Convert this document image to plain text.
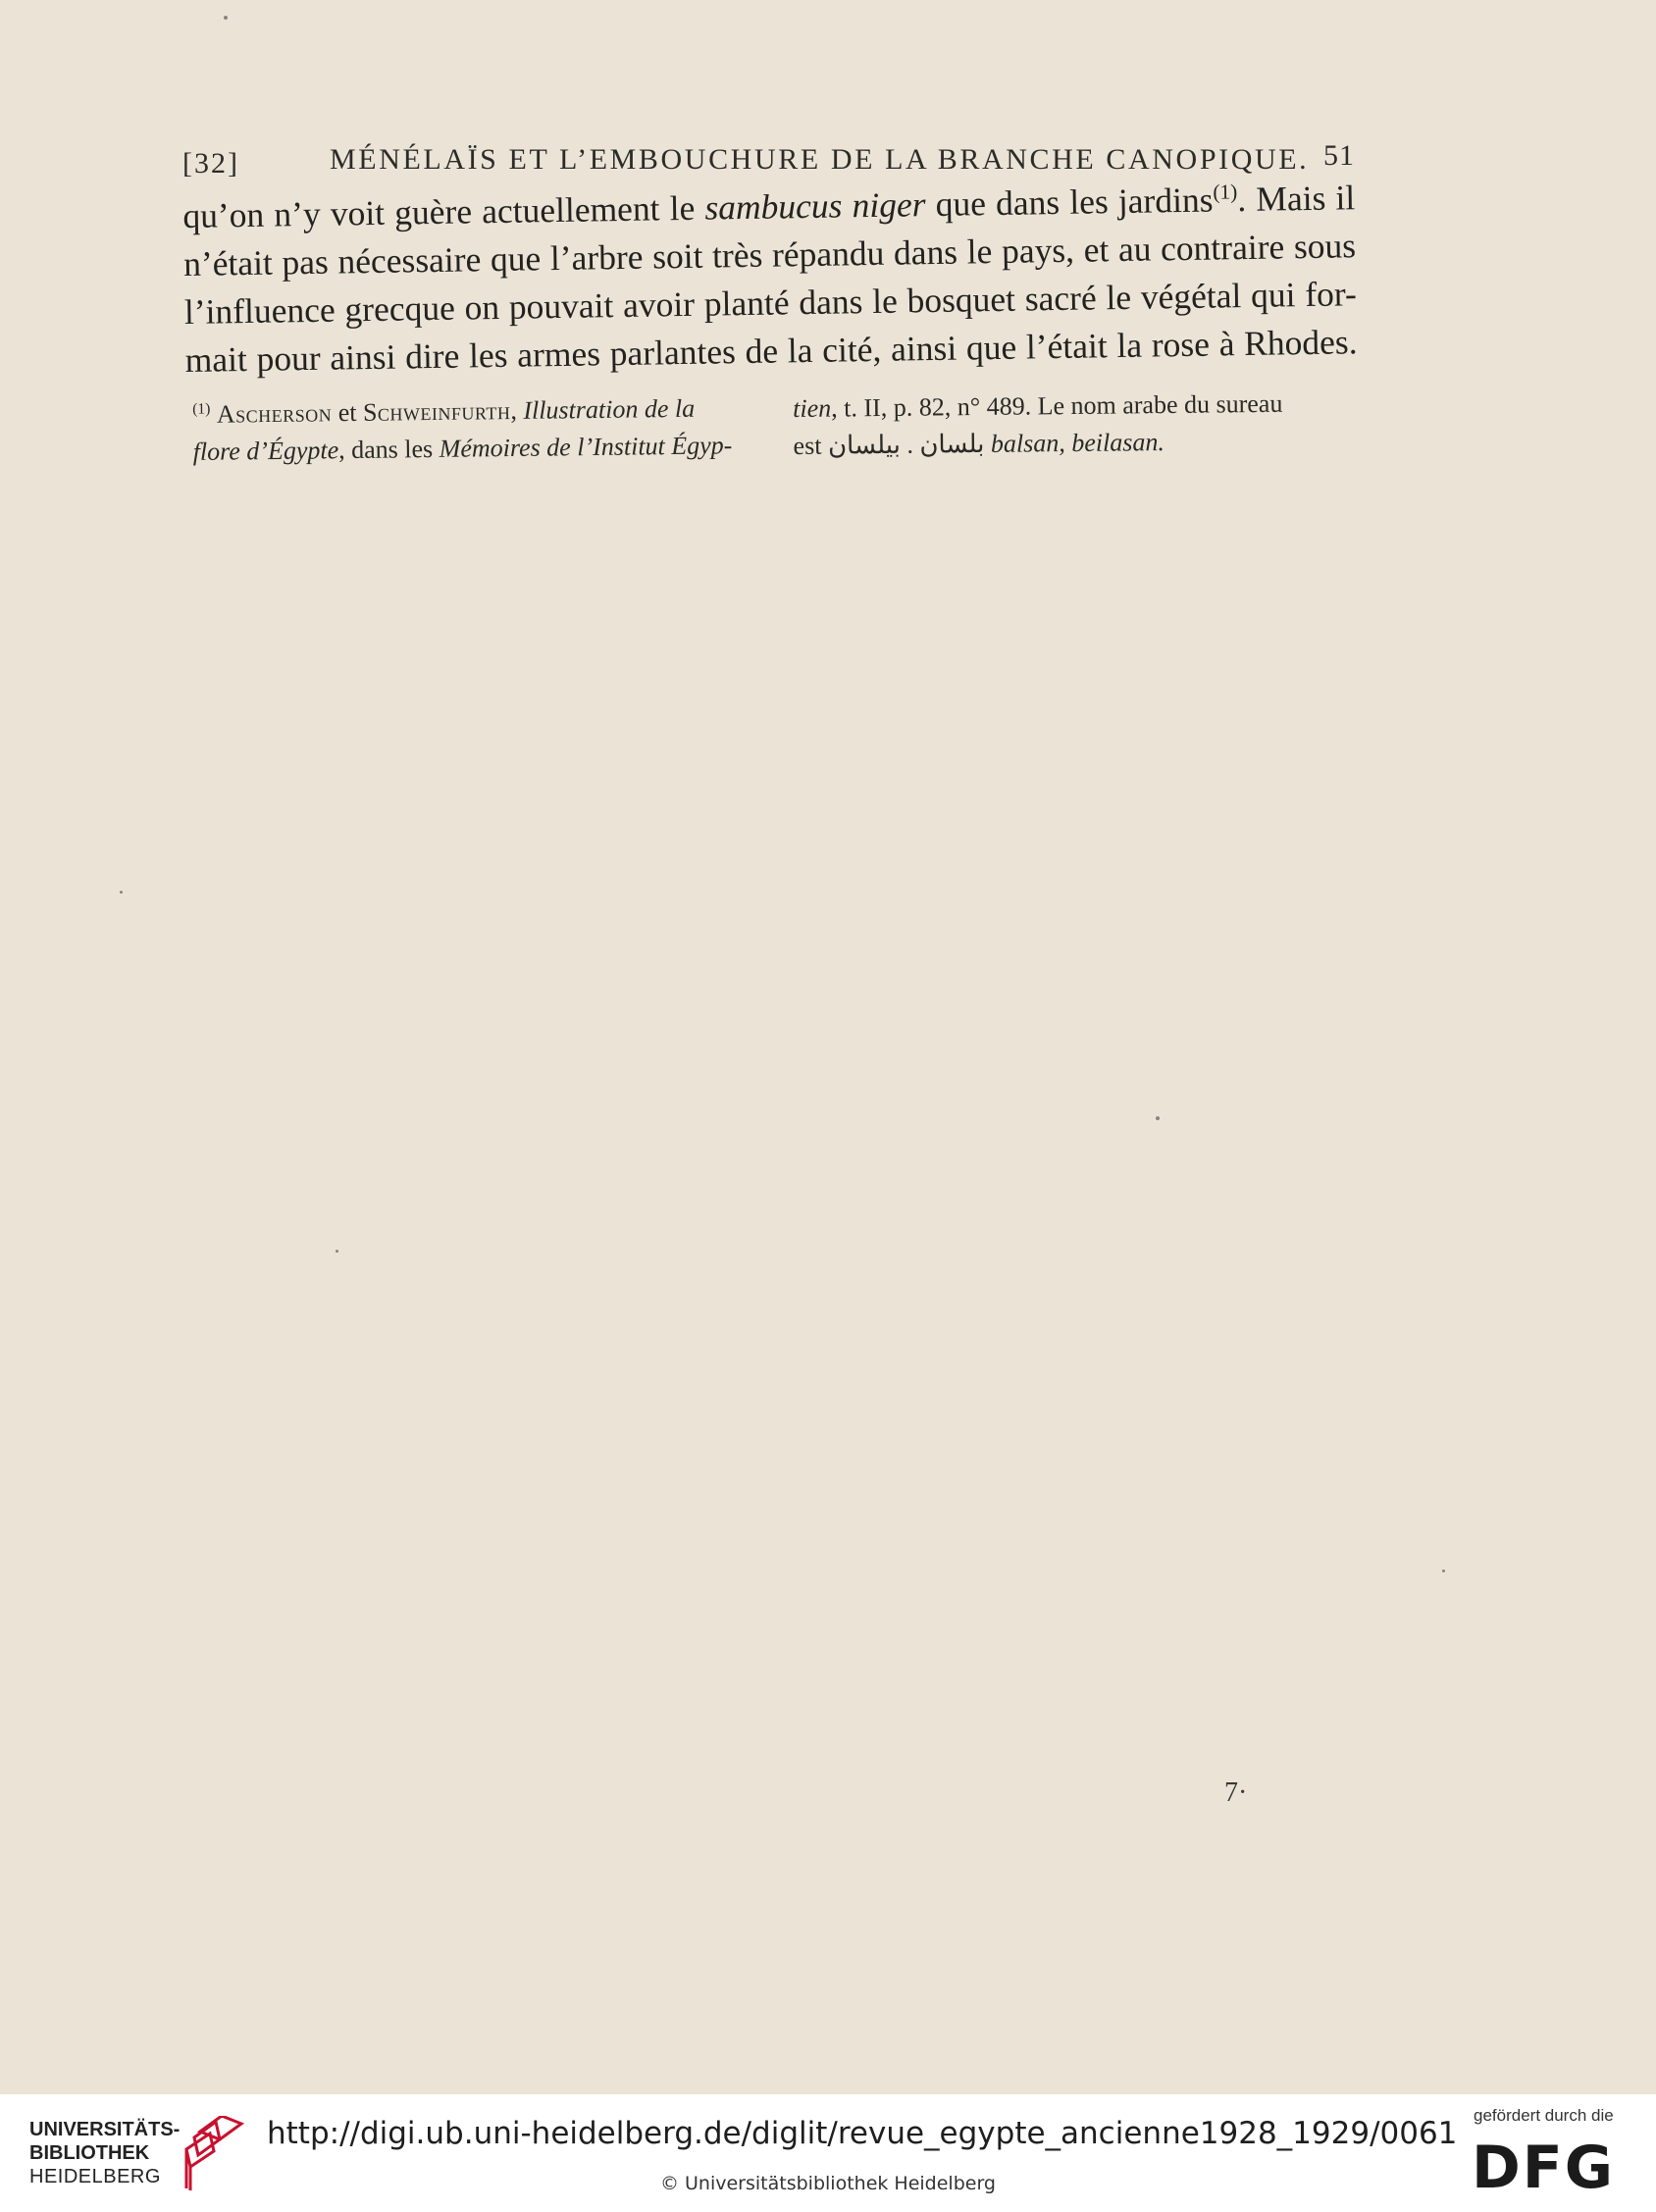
[32]	MÉNÉLAÏS ET L’EMBOUCHURE DE LA BRANCHE CANOPIQUE. 51
qu’on n’y voit guère actuellement le sambucus niger que dans les jardins$^{(1)}$. Mais il
n’était pas nécessaire que l’arbre soit très répandu dans le pays, et au contraire sous
l’influence grecque on pouvait avoir planté dans le bosquet sacré le végétal qui for-
mait pour ainsi dire les armes parlantes de la cité, ainsi que l’était la rose à Rhodes.
$^{(1)}$ Ascherson et Schweinfurth, Illustration de la
flore d’Égypte, dans les Mémoires de l’Institut Égyp-
tien, t. II, p. 82, n° 489. Le nom arabe du sureau
est بلسان . بيلسان balsan, beilasan.
7·
UNIVERSITÄTS-
BIBLIOTHEK
HEIDELBERG
http://digi.ub.uni-heidelberg.de/diglit/revue_egypte_ancienne1928_1929/0061
© Universitätsbibliothek Heidelberg
gefördert durch die
DFG
